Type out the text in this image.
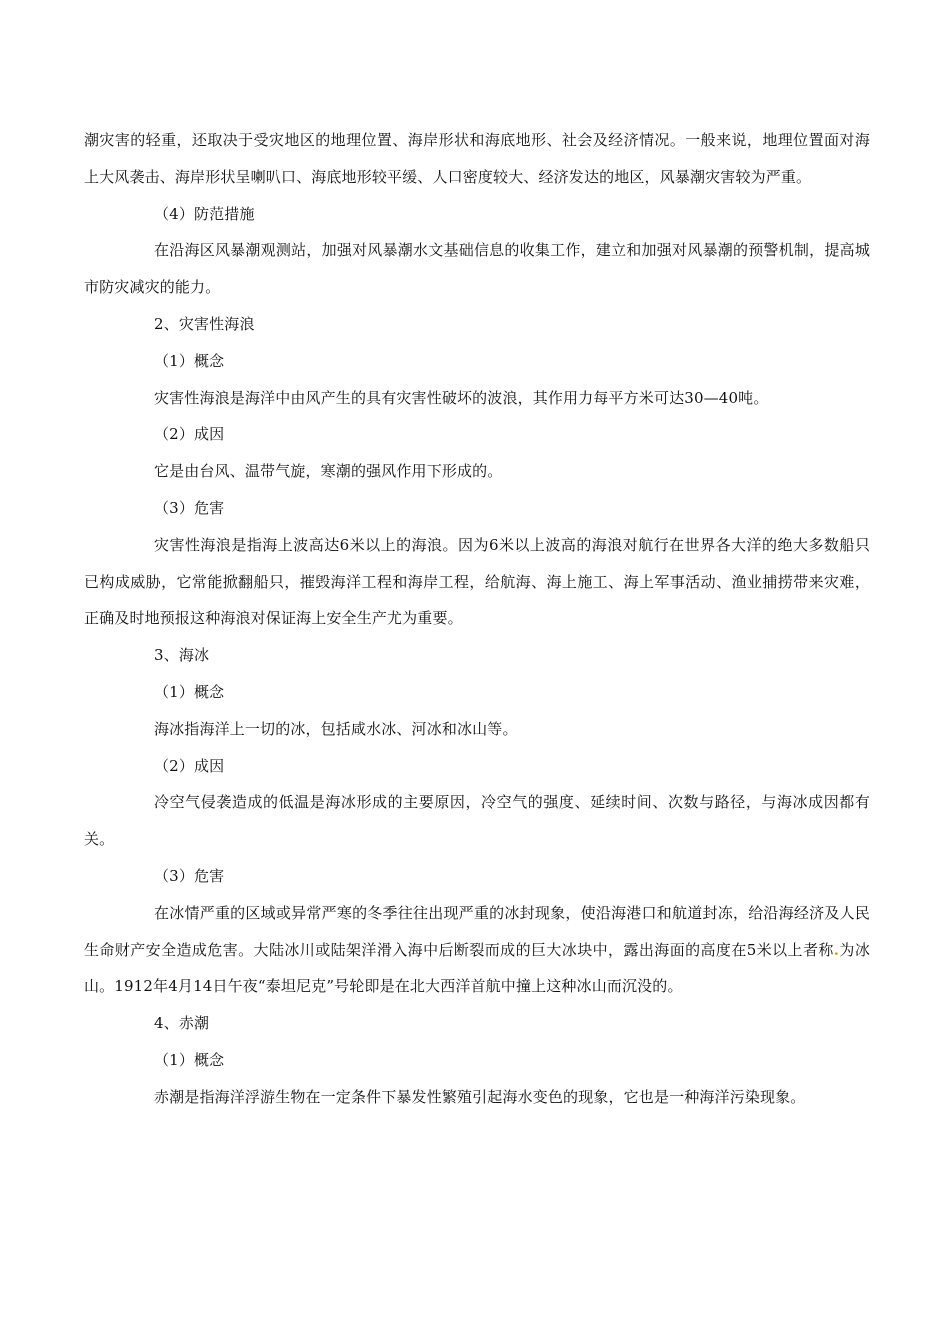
潮灾害的轻重，还取决于受灾地区的地理位置、海岸形状和海底地形、社会及经济情况。一般来说，地理位置面对海上大风袭击、海岸形状呈喇叭口、海底地形较平缓、人口密度较大、经济发达的地区，风暴潮灾害较为严重。

（4）防范措施

在沿海区风暴潮观测站，加强对风暴潮水文基础信息的收集工作，建立和加强对风暴潮的预警机制，提高城市防灾减灾的能力。

2、灾害性海浪

（1）概念

灾害性海浪是海洋中由风产生的具有灾害性破坏的波浪，其作用力每平方米可达30—40吨。

（2）成因

它是由台风、温带气旋，寒潮的强风作用下形成的。

（3）危害

灾害性海浪是指海上波高达6米以上的海浪。因为6米以上波高的海浪对航行在世界各大洋的绝大多数船只已构成威胁，它常能掀翻船只，摧毁海洋工程和海岸工程，给航海、海上施工、海上军事活动、渔业捕捞带来灾难，正确及时地预报这种海浪对保证海上安全生产尤为重要。

3、海冰

（1）概念

海冰指海洋上一切的冰，包括咸水冰、河冰和冰山等。

（2）成因

冷空气侵袭造成的低温是海冰形成的主要原因，冷空气的强度、延续时间、次数与路径，与海冰成因都有关。

（3）危害

在冰情严重的区域或异常严寒的冬季往往出现严重的冰封现象，使沿海港口和航道封冻，给沿海经济及人民生命财产安全造成危害。大陆冰川或陆架洋滑入海中后断裂而成的巨大冰块中，露出海面的高度在5米以上者称.为冰山。1912年4月14日午夜“泰坦尼克”号轮即是在北大西洋首航中撞上这种冰山而沉没的。

4、赤潮

（1）概念

赤潮是指海洋浮游生物在一定条件下暴发性繁殖引起海水变色的现象，它也是一种海洋污染现象。
